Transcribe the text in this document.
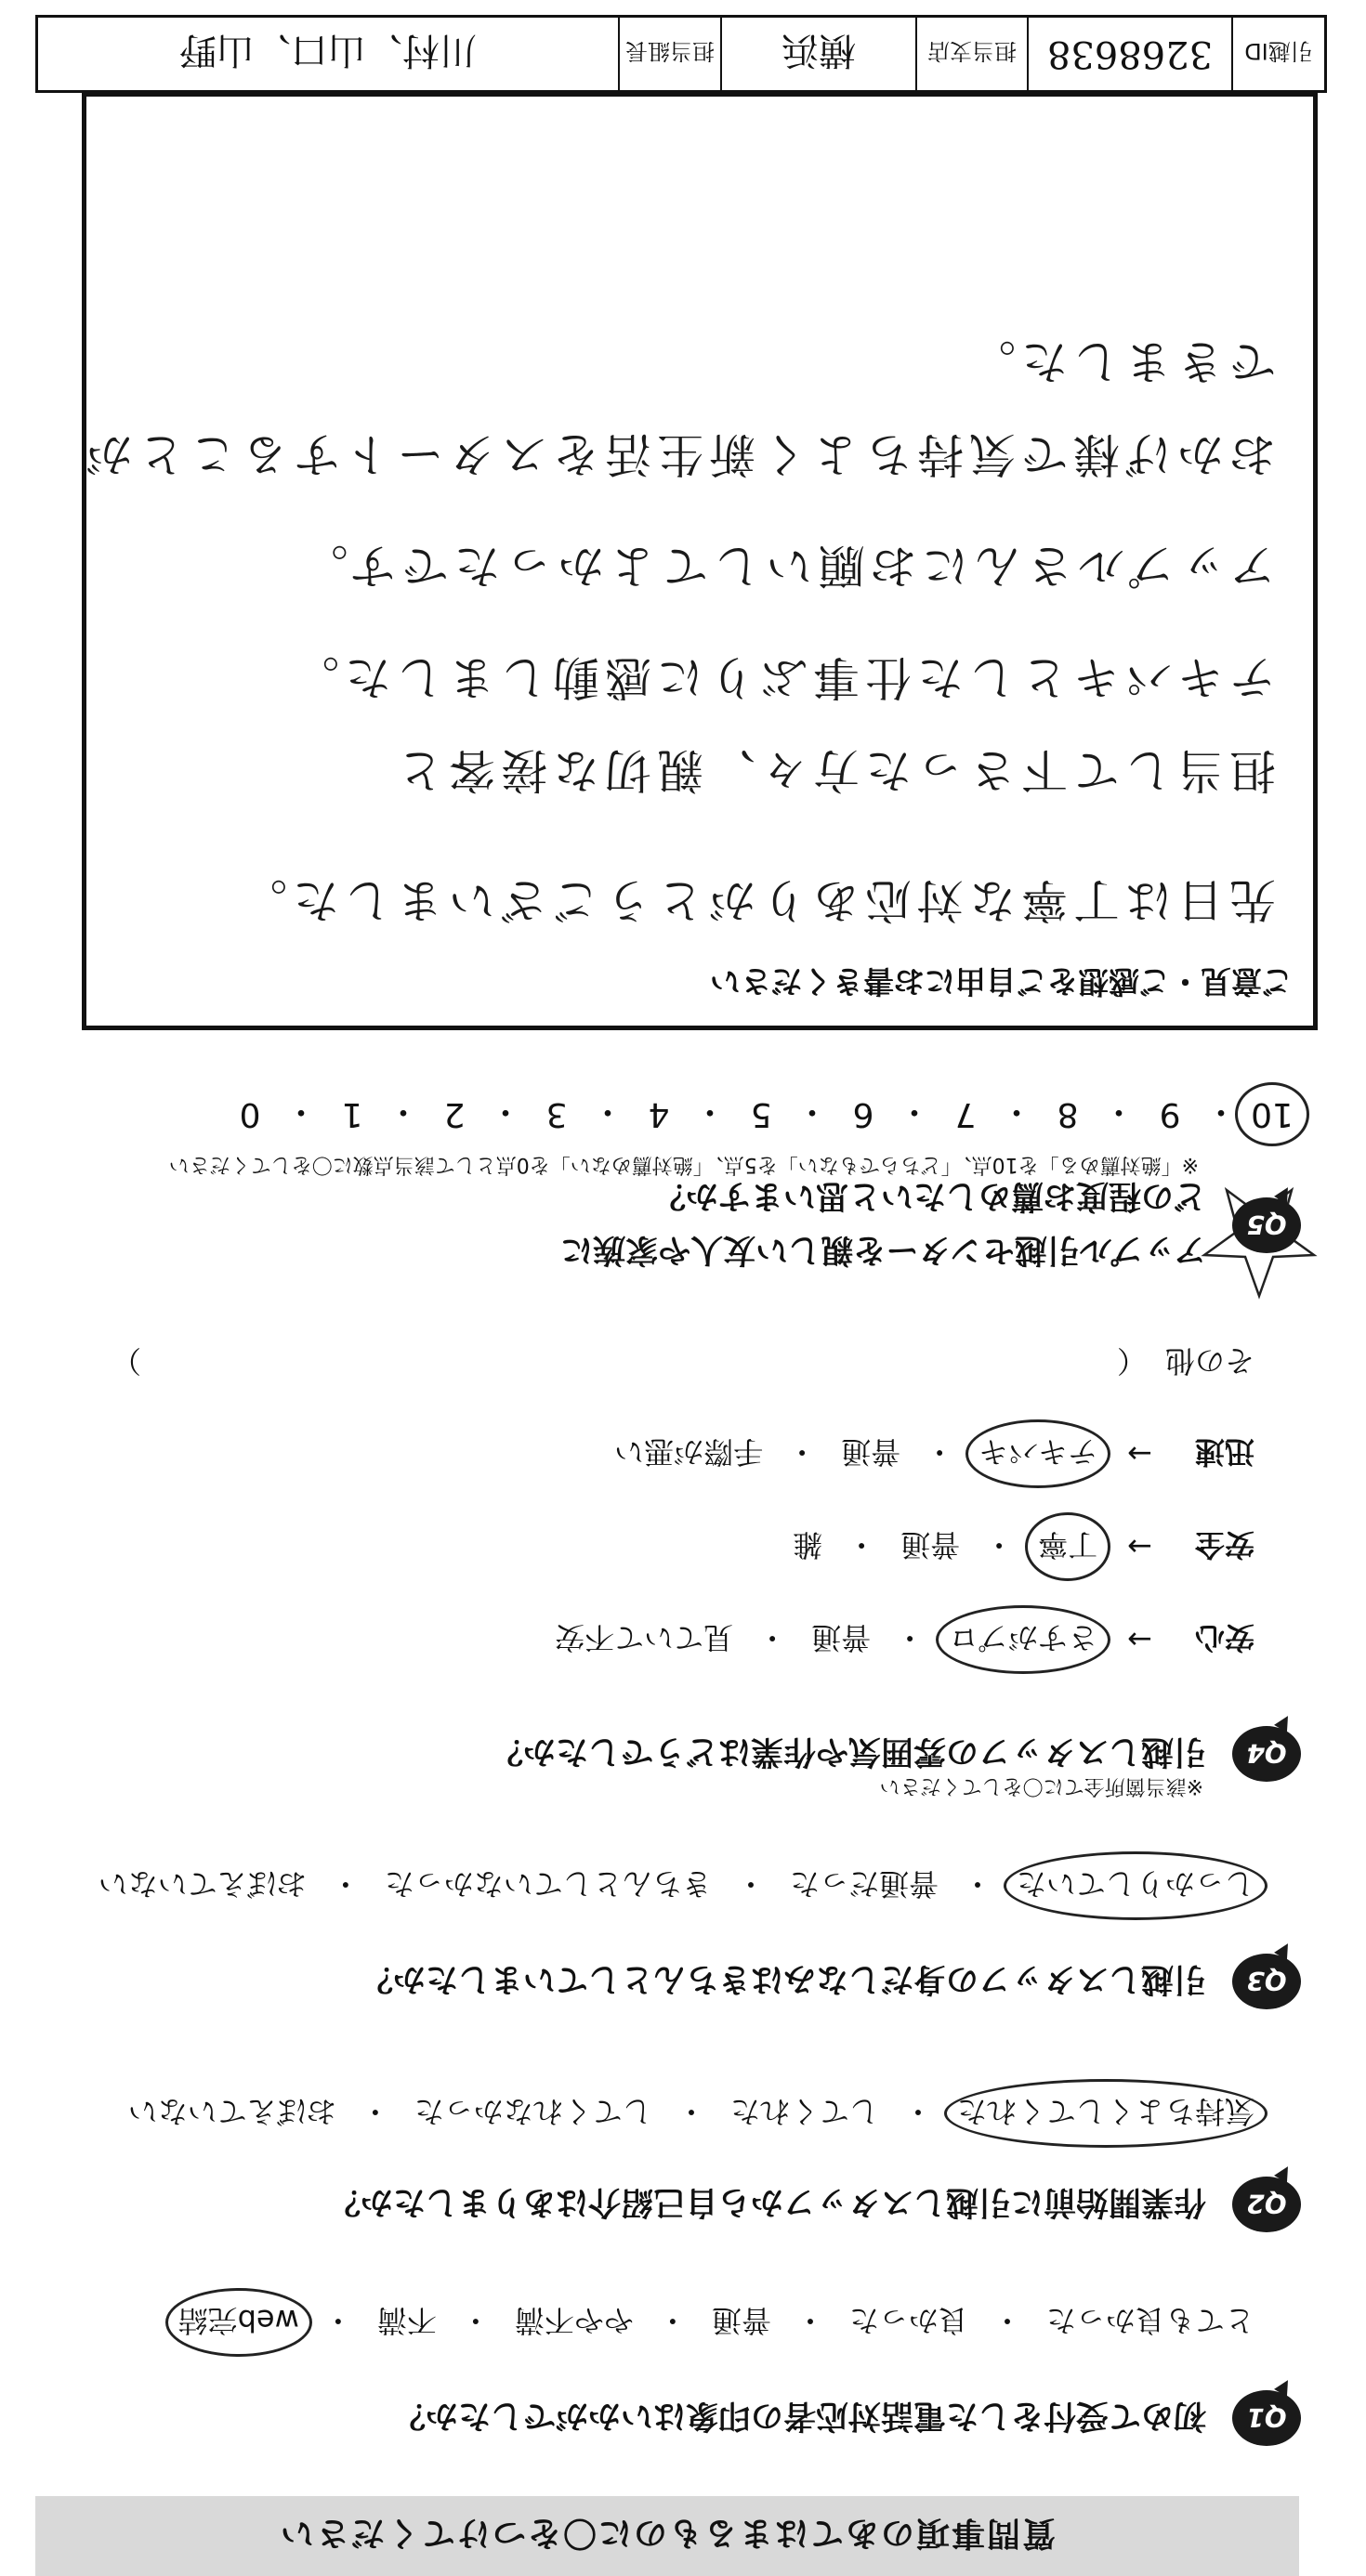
質問事項のあてはまるものに〇をつけてください
Q1
初めて受付をした電話対応者の印象はいかがでしたか？
とても良かった
・
良かった
・
普通
・
やや不満
・
不満
・
web完結
Q2
作業開始前に引越しスタッフから自己紹介はありましたか？
気持ちよくしてくれた
・
してくれた
・
してくれなかった
・
おぼえていない
Q3
引越しスタッフの身だしなみはきちんとしていましたか？
しっかりしていた
・
普通だった
・
きちんとしていなかった
・
おぼえていない
Q4
引越しスタッフの雰囲気や作業はどうでしたか？
※該当箇所全てに〇をしてください
安心
→
さすがプロ
・
普通
・
見ていて不安
安全
→
丁寧
・
普通
・
雑
迅速
→
テキパキ
・
普通
・
手際が悪い
その他
（
）
Q5
アップル引越センターを親しい友人や家族に
どの程度お薦めしたいと思いますか？
※「絶対薦める」を10点、「どちらでもない」を5点、「絶対薦めない」を0点として該当点数に〇をしてください
10
・
9
・
8
・
7
・
6
・
5
・
4
・
3
・
2
・
1
・
0
ご意見・ご感想をご自由にお書きください
先日は丁寧な対応ありがとうございました。
担当して下さった方々、親切な接客と
テキパキとした仕事ぶりに感動しました。
アップルさんにお願いしてよかったです。
おかげ様で気持ちよく新生活をスタートすることが
できました。
引越ID
3268638
担当支店
横浜
担当組長
川村、山口、山野
